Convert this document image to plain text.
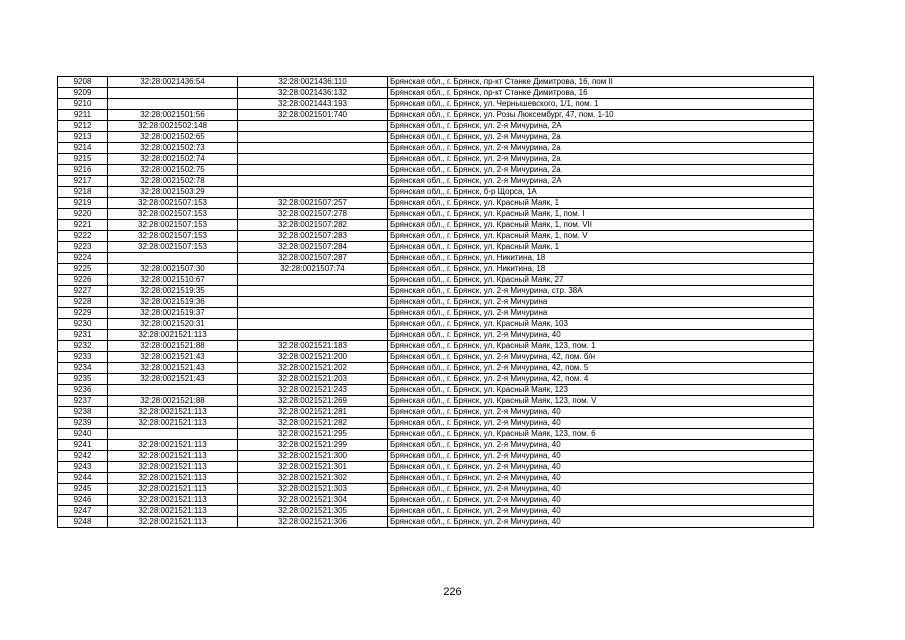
9208	32:28:0021436:54	32:28:0021436:110	Брянская обл., г. Брянск, пр-кт Станке Димитрова, 16, пом II
9209		32:28:0021436:132	Брянская обл., г. Брянск, пр-кт Станке Димитрова, 16
9210		32:28:0021443:193	Брянская обл., г. Брянск, ул. Чернышевского, 1/1, пом. 1
9211	32:28:0021501:56	32:28:0021501:740	Брянская обл., г. Брянск, ул. Розы Люксембург, 47, пом. 1-10
9212	32:28:0021502:148		Брянская обл., г. Брянск, ул. 2-я Мичурина, 2А
9213	32:28:0021502:65		Брянская обл., г. Брянск, ул. 2-я Мичурина, 2а
9214	32:28:0021502:73		Брянская обл., г. Брянск, ул. 2-я Мичурина, 2а
9215	32:28:0021502:74		Брянская обл., г. Брянск, ул. 2-я Мичурина, 2а
9216	32:28:0021502:75		Брянская обл., г. Брянск, ул. 2-я Мичурина, 2а
9217	32:28:0021502:78		Брянская обл., г. Брянск, ул. 2-я Мичурина, 2А
9218	32:28:0021503:29		Брянская обл., г. Брянск, б-р Щорса, 1А
9219	32:28:0021507:153	32:28:0021507:257	Брянская обл., г. Брянск, ул. Красный Маяк, 1
9220	32:28:0021507:153	32:28:0021507:278	Брянская обл., г. Брянск, ул. Красный Маяк, 1, пом. I
9221	32:28:0021507:153	32:28:0021507:282	Брянская обл., г. Брянск, ул. Красный Маяк, 1, пом. VII
9222	32:28:0021507:153	32:28:0021507:283	Брянская обл., г. Брянск, ул. Красный Маяк, 1, пом. V
9223	32:28:0021507:153	32:28:0021507:284	Брянская обл., г. Брянск, ул. Красный Маяк, 1
9224		32:28:0021507:287	Брянская обл., г. Брянск, ул. Никитина, 18
9225	32:28:0021507:30	32:28:0021507:74	Брянская обл., г. Брянск, ул. Никитина, 18
9226	32:28:0021510:67		Брянская обл., г. Брянск, ул. Красный Маяк, 27
9227	32:28:0021519:35		Брянская обл., г. Брянск, ул. 2-я Мичурина, стр. 38А
9228	32:28:0021519:36		Брянская обл., г. Брянск, ул. 2-я Мичурина
9229	32:28:0021519:37		Брянская обл., г. Брянск, ул. 2-я Мичурина
9230	32:28:0021520:31		Брянская обл., г. Брянск, ул. Красный Маяк, 103
9231	32:28:0021521:113		Брянская обл., г. Брянск, ул. 2-я Мичурина, 40
9232	32:28:0021521:88	32:28:0021521:183	Брянская обл., г. Брянск, ул. Красный Маяк, 123, пом. 1
9233	32:28:0021521:43	32:28:0021521:200	Брянская обл., г. Брянск, ул. 2-я Мичурина, 42, пом. б/н
9234	32:28:0021521:43	32:28:0021521:202	Брянская обл., г. Брянск, ул. 2-я Мичурина, 42, пом. 5
9235	32:28:0021521:43	32:28:0021521:203	Брянская обл., г. Брянск, ул. 2-я Мичурина, 42, пом. 4
9236		32:28:0021521:243	Брянская обл., г. Брянск, ул. Красный Маяк, 123
9237	32:28:0021521:88	32:28:0021521:269	Брянская обл., г. Брянск, ул. Красный Маяк, 123, пом. V
9238	32:28:0021521:113	32:28:0021521:281	Брянская обл., г. Брянск, ул. 2-я Мичурина, 40
9239	32:28:0021521:113	32:28:0021521:282	Брянская обл., г. Брянск, ул. 2-я Мичурина, 40
9240		32:28:0021521:295	Брянская обл., г. Брянск, ул. Красный Маяк, 123, пом. 6
9241	32:28:0021521:113	32:28:0021521:299	Брянская обл., г. Брянск, ул. 2-я Мичурина, 40
9242	32:28:0021521:113	32:28:0021521:300	Брянская обл., г. Брянск, ул. 2-я Мичурина, 40
9243	32:28:0021521:113	32:28:0021521:301	Брянская обл., г. Брянск, ул. 2-я Мичурина, 40
9244	32:28:0021521:113	32:28:0021521:302	Брянская обл., г. Брянск, ул. 2-я Мичурина, 40
9245	32:28:0021521:113	32:28:0021521:303	Брянская обл., г. Брянск, ул. 2-я Мичурина, 40
9246	32:28:0021521:113	32:28:0021521:304	Брянская обл., г. Брянск, ул. 2-я Мичурина, 40
9247	32:28:0021521:113	32:28:0021521:305	Брянская обл., г. Брянск, ул. 2-я Мичурина, 40
9248	32:28:0021521:113	32:28:0021521:306	Брянская обл., г. Брянск, ул. 2-я Мичурина, 40
226
